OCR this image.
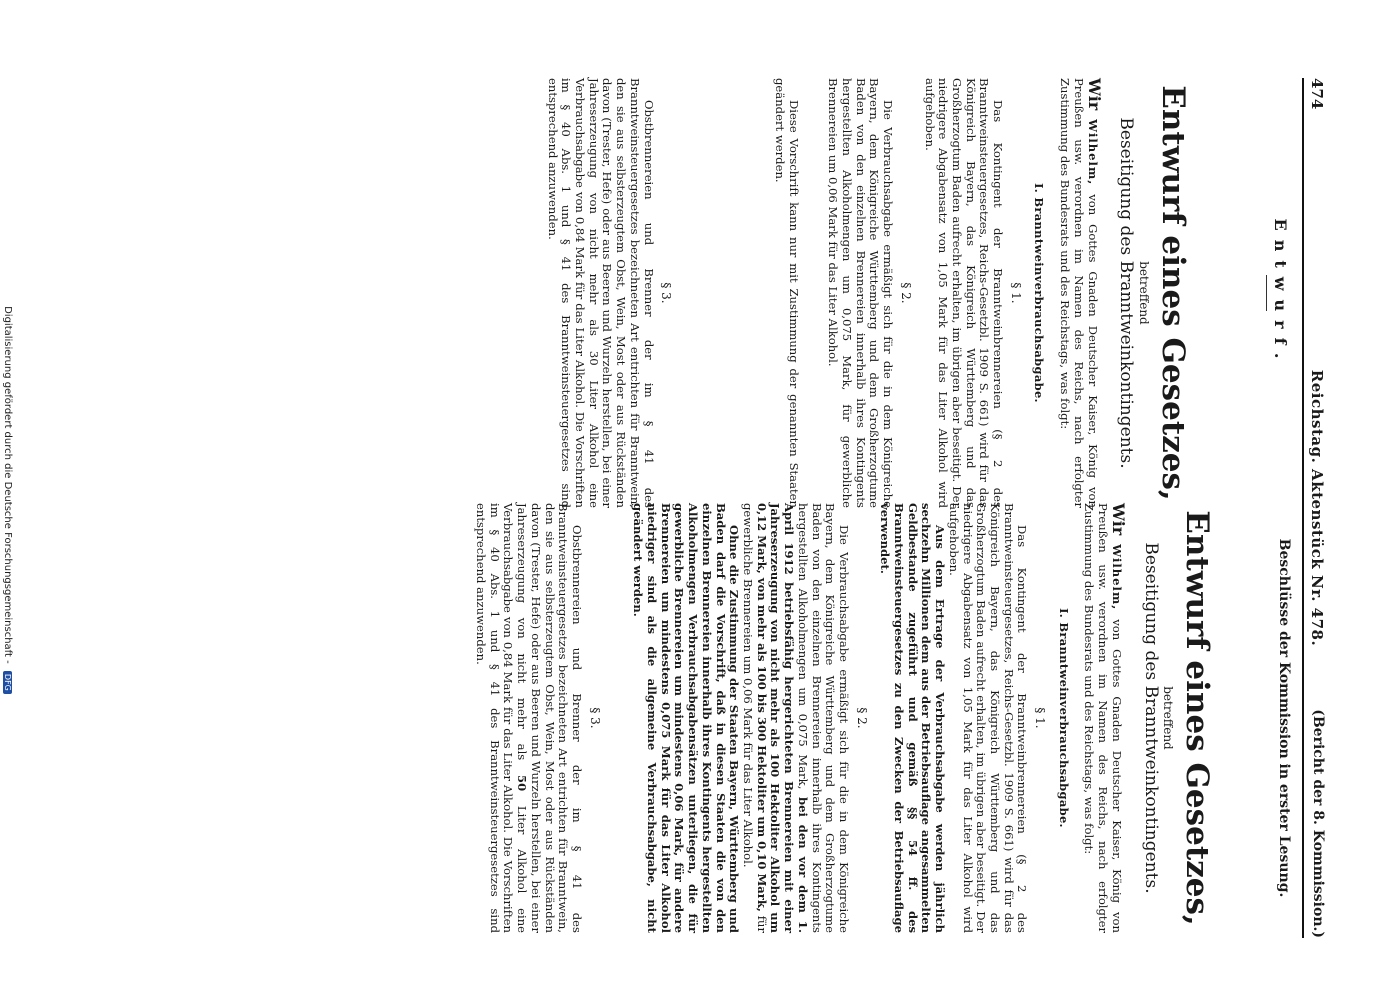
474
Reichstag. Aktenstück Nr. 478.
(Bericht der 8. Kommission.)
Entwurf.
Entwurf eines Gesetzes,
betreffend
Beseitigung des Branntweinkontingents.

Wir Wilhelm, von Gottes Gnaden Deutscher Kaiser, König von Preußen usw. verordnen im Namen des Reichs, nach erfolgter Zustimmung des Bundesrats und des Reichstags, was folgt:

I. Branntweinverbrauchsabgabe.
§ 1.

Das Kontingent der Branntweinbrennereien (§ 2 des Branntweinsteuergesetzes, Reichs-Gesetzbl. 1909 S. 661) wird für das Königreich Bayern, das Königreich Württemberg und das Großherzogtum Baden aufrecht erhalten, im übrigen aber beseitigt. Der niedrigere Abgabensatz von 1,05 Mark für das Liter Alkohol wird aufgehoben.

§ 2.

Die Verbrauchsabgabe ermäßigt sich für die in dem Königreiche Bayern, dem Königreiche Württemberg und dem Großherzogtume Baden von den einzelnen Brennereien innerhalb ihres Kontingents hergestellten Alkoholmengen um 0,075 Mark, für gewerbliche Brennereien um 0,06 Mark für das Liter Alkohol.

Diese Vorschrift kann nur mit Zustimmung der genannten Staaten geändert werden.

§ 3.

Obstbrennereien und Brenner der im § 41 des Branntweinsteuergesetzes bezeichneten Art entrichten für Branntwein, den sie aus selbsterzeugtem Obst, Wein, Most oder aus Rückständen davon (Trester, Hefe) oder aus Beeren und Wurzeln herstellen, bei einer Jahreserzeugung von nicht mehr als 30 Liter Alkohol eine Verbrauchsabgabe von 0,84 Mark für das Liter Alkohol. Die Vorschriften im § 40 Abs. 1 und § 41 des Branntweinsteuergesetzes sind entsprechend anzuwenden.

Beschlüsse der Kommission in erster Lesung.
Entwurf eines Gesetzes,
betreffend
Beseitigung des Branntweinkontingents.

Wir Wilhelm, von Gottes Gnaden Deutscher Kaiser, König von Preußen usw. verordnen im Namen des Reichs, nach erfolgter Zustimmung des Bundesrats und des Reichstags, was folgt:

I. Branntweinverbrauchsabgabe.
§ 1.

Das Kontingent der Branntweinbrennereien (§ 2 des Branntweinsteuergesetzes, Reichs-Gesetzbl. 1909 S. 661) wird für das Königreich Bayern, das Königreich Württemberg und das Großherzogtum Baden aufrecht erhalten, im übrigen aber beseitigt. Der niedrigere Abgabensatz von 1,05 Mark für das Liter Alkohol wird aufgehoben.

Aus dem Ertrage der Verbrauchsabgabe werden jährlich sechzehn Millionen dem aus der Betriebsauflage angesammelten Geldbestande zugeführt und gemäß §§ 54 ff. des Branntweinsteuergesetzes zu den Zwecken der Betriebsauflage verwendet.

§ 2.

Die Verbrauchsabgabe ermäßigt sich für die in dem Königreiche Bayern, dem Königreiche Württemberg und dem Großherzogtume Baden von den einzelnen Brennereien innerhalb ihres Kontingents hergestellten Alkoholmengen um 0,075 Mark, bei den vor dem 1. April 1912 betriebsfähig hergerichteten Brennereien mit einer Jahreserzeugung von nicht mehr als 100 Hektoliter Alkohol um 0,12 Mark, von mehr als 100 bis 300 Hektoliter um 0,10 Mark, für gewerbliche Brennereien um 0,06 Mark für das Liter Alkohol.

Ohne die Zustimmung der Staaten Bayern, Württemberg und Baden darf die Vorschrift, daß in diesen Staaten die von den einzelnen Brennereien innerhalb ihres Kontingents hergestellten Alkoholmengen Verbrauchsabgabensätzen unterliegen, die für gewerbliche Brennereien um mindestens 0,06 Mark, für andere Brennereien um mindestens 0,075 Mark für das Liter Alkohol niedriger sind als die allgemeine Verbrauchsabgabe, nicht geändert werden.

§ 3.

Obstbrennereien und Brenner der im § 41 des Branntweinsteuergesetzes bezeichneten Art entrichten für Branntwein, den sie aus selbsterzeugtem Obst, Wein, Most oder aus Rückständen davon (Trester, Hefe) oder aus Beeren und Wurzeln herstellen, bei einer Jahreserzeugung von nicht mehr als 50 Liter Alkohol eine Verbrauchsabgabe von 0,84 Mark für das Liter Alkohol. Die Vorschriften im § 40 Abs. 1 und § 41 des Branntweinsteuergesetzes sind entsprechend anzuwenden.

Digitalisierung gefördert durch die Deutsche Forschungsgemeinschaft - DFG
